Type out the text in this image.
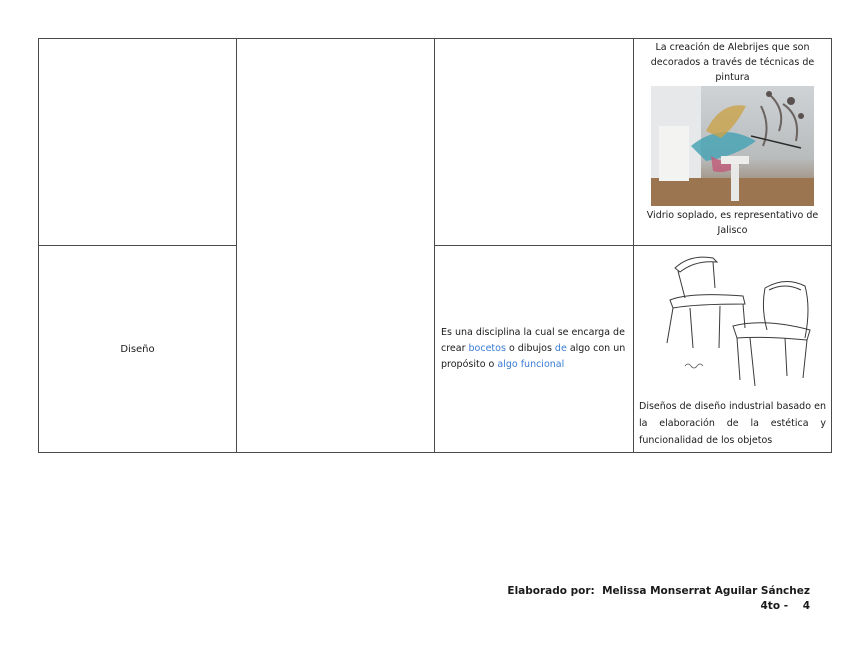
			La creación de Alebrijes que son decorados a través de técnicas de pintura
Vidrio soplado, es representativo de Jalisco

Diseño		Es una disciplina la cual se encarga de crear bocetos o dibujos de algo con un propósito o algo funcional	Diseños de diseño industrial basado en la elaboración de la estética y funcionalidad de los objetos
Elaborado por: Melissa Monserrat Aguilar Sánchez
4to - 4
